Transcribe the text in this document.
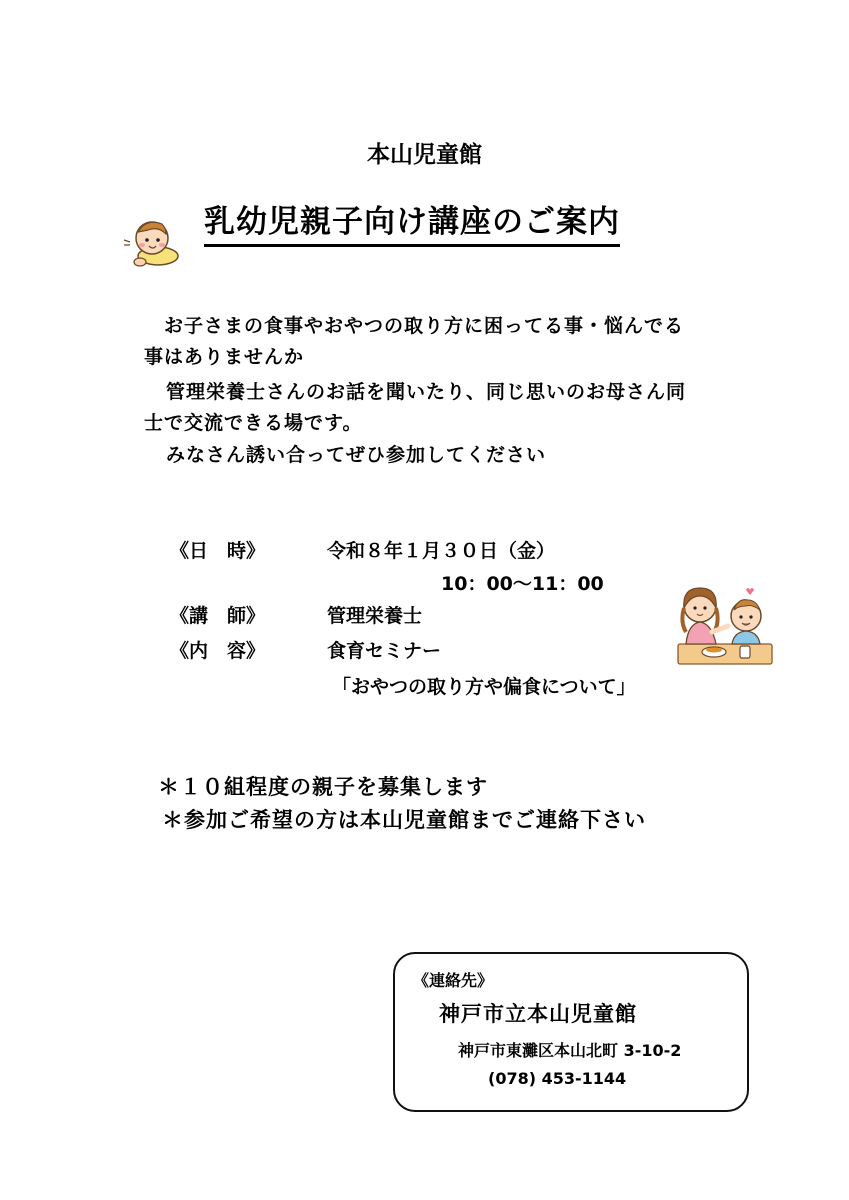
本山児童館
乳幼児親子向け講座のご案内
　お子さまの食事やおやつの取り方に困ってる事・悩んでる
事はありませんか
管理栄養士さんのお話を聞いたり、同じ思いのお母さん同
士で交流できる場です。
みなさん誘い合ってぜひ参加してください
《日　時》	令和８年１月３０日（金）
10：00～11：00
《講　師》	管理栄養士
《内　容》	食育セミナー
「おやつの取り方や偏食について」
＊１０組程度の親子を募集します
＊参加ご希望の方は本山児童館までご連絡下さい
《連絡先》
神戸市立本山児童館
神戸市東灘区本山北町 3-10-2
(078) 453-1144
